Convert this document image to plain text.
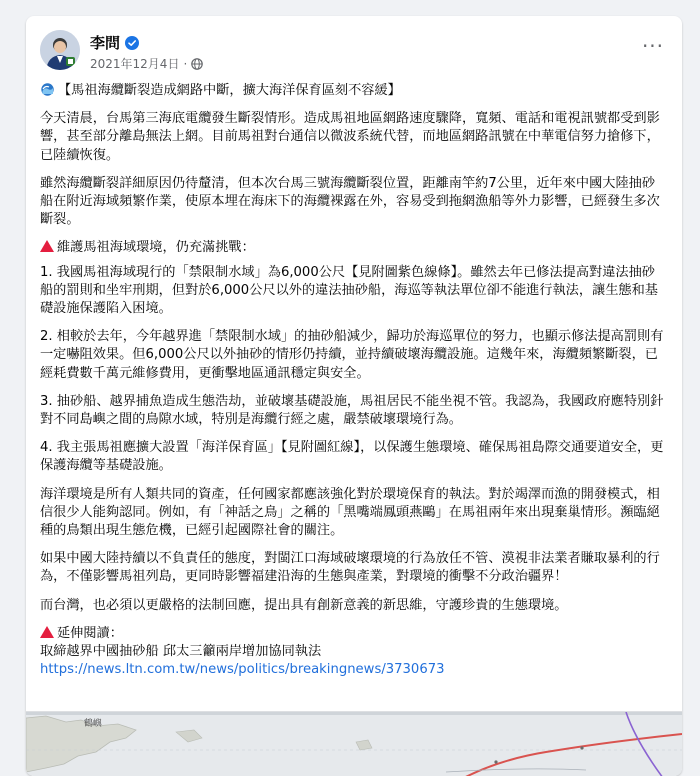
李問
2021年12月4日 ·
···

【馬祖海纜斷裂造成網路中斷，擴大海洋保育區刻不容緩】

今天清晨，台馬第三海底電纜發生斷裂情形。造成馬祖地區網路速度驟降，寬頻、電話和電視訊號都受到影響，甚至部分離島無法上網。目前馬祖對台通信以微波系統代替，而地區網路訊號在中華電信努力搶修下，已陸續恢復。

雖然海纜斷裂詳細原因仍待釐清，但本次台馬三號海纜斷裂位置，距離南竿約7公里，近年來中國大陸抽砂船在附近海域頻繁作業，使原本埋在海床下的海纜裸露在外，容易受到拖網漁船等外力影響，已經發生多次斷裂。

維護馬祖海域環境，仍充滿挑戰：

1. 我國馬祖海域現行的「禁限制水域」為6,000公尺【見附圖紫色線條】。雖然去年已修法提高對違法抽砂船的罰則和坐牢刑期，但對於6,000公尺以外的違法抽砂船，海巡等執法單位卻不能進行執法，讓生態和基礎設施保護陷入困境。

2. 相較於去年，今年越界進「禁限制水域」的抽砂船減少，歸功於海巡單位的努力，也顯示修法提高罰則有一定嚇阻效果。但6,000公尺以外抽砂的情形仍持續，並持續破壞海纜設施。這幾年來，海纜頻繁斷裂，已經耗費數千萬元維修費用，更衝擊地區通訊穩定與安全。

3. 抽砂船、越界捕魚造成生態浩劫，並破壞基礎設施，馬祖居民不能坐視不管。我認為，我國政府應特別針對不同島嶼之間的鳥隙水域，特別是海纜行經之處，嚴禁破壞環境行為。

4. 我主張馬祖應擴大設置「海洋保育區」【見附圖紅線】，以保護生態環境、確保馬祖島際交通要道安全，更保護海纜等基礎設施。

海洋環境是所有人類共同的資產，任何國家都應該強化對於環境保育的執法。對於竭澤而漁的開發模式，相信很少人能夠認同。例如，有「神話之鳥」之稱的「黑嘴端鳳頭燕鷗」在馬祖兩年來出現棄巢情形。瀕臨絕種的鳥類出現生態危機，已經引起國際社會的關注。

如果中國大陸持續以不負責任的態度，對閩江口海域破壞環境的行為放任不管、漠視非法業者賺取暴利的行為，不僅影響馬祖列島，更同時影響福建沿海的生態與產業，對環境的衝擊不分政治疆界！

而台灣，也必須以更嚴格的法制回應，提出具有創新意義的新思維，守護珍貴的生態環境。

延伸閱讀：

取締越界中國抽砂船 邱太三籲兩岸增加協同執法

https://news.ltn.com.tw/news/politics/breakingnews/3730673

鶴嶼
